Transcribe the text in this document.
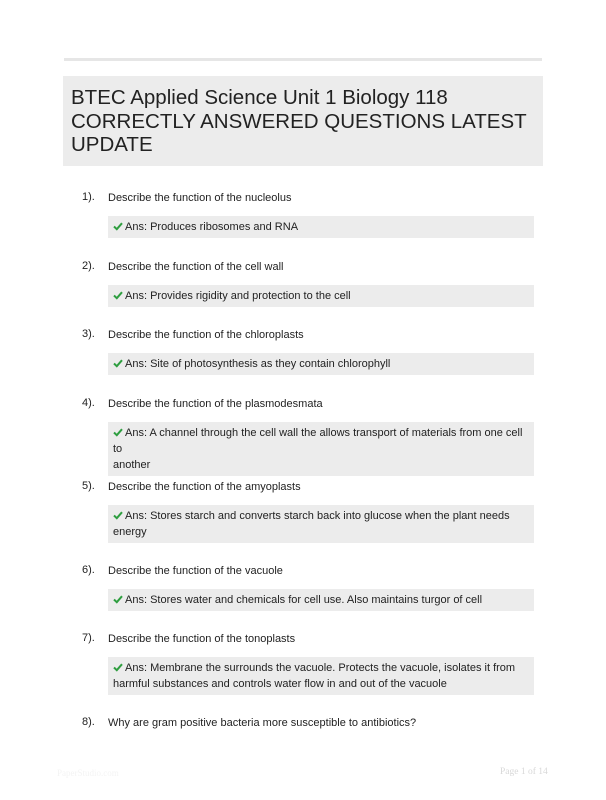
BTEC Applied Science Unit 1 Biology 118
CORRECTLY ANSWERED QUESTIONS LATEST
UPDATE
1). Describe the function of the nucleolus
Ans: Produces ribosomes and RNA
2). Describe the function of the cell wall
Ans: Provides rigidity and protection to the cell
3). Describe the function of the chloroplasts
Ans: Site of photosynthesis as they contain chlorophyll
4). Describe the function of the plasmodesmata
Ans: A channel through the cell wall the allows transport of materials from one cell to
another
5). Describe the function of the amyoplasts
Ans: Stores starch and converts starch back into glucose when the plant needs
energy
6). Describe the function of the vacuole
Ans: Stores water and chemicals for cell use. Also maintains turgor of cell
7). Describe the function of the tonoplasts
Ans: Membrane the surrounds the vacuole. Protects the vacuole, isolates it from
harmful substances and controls water flow in and out of the vacuole
8). Why are gram positive bacteria more susceptible to antibiotics?
PaperStudio.com	Page 1 of 14
